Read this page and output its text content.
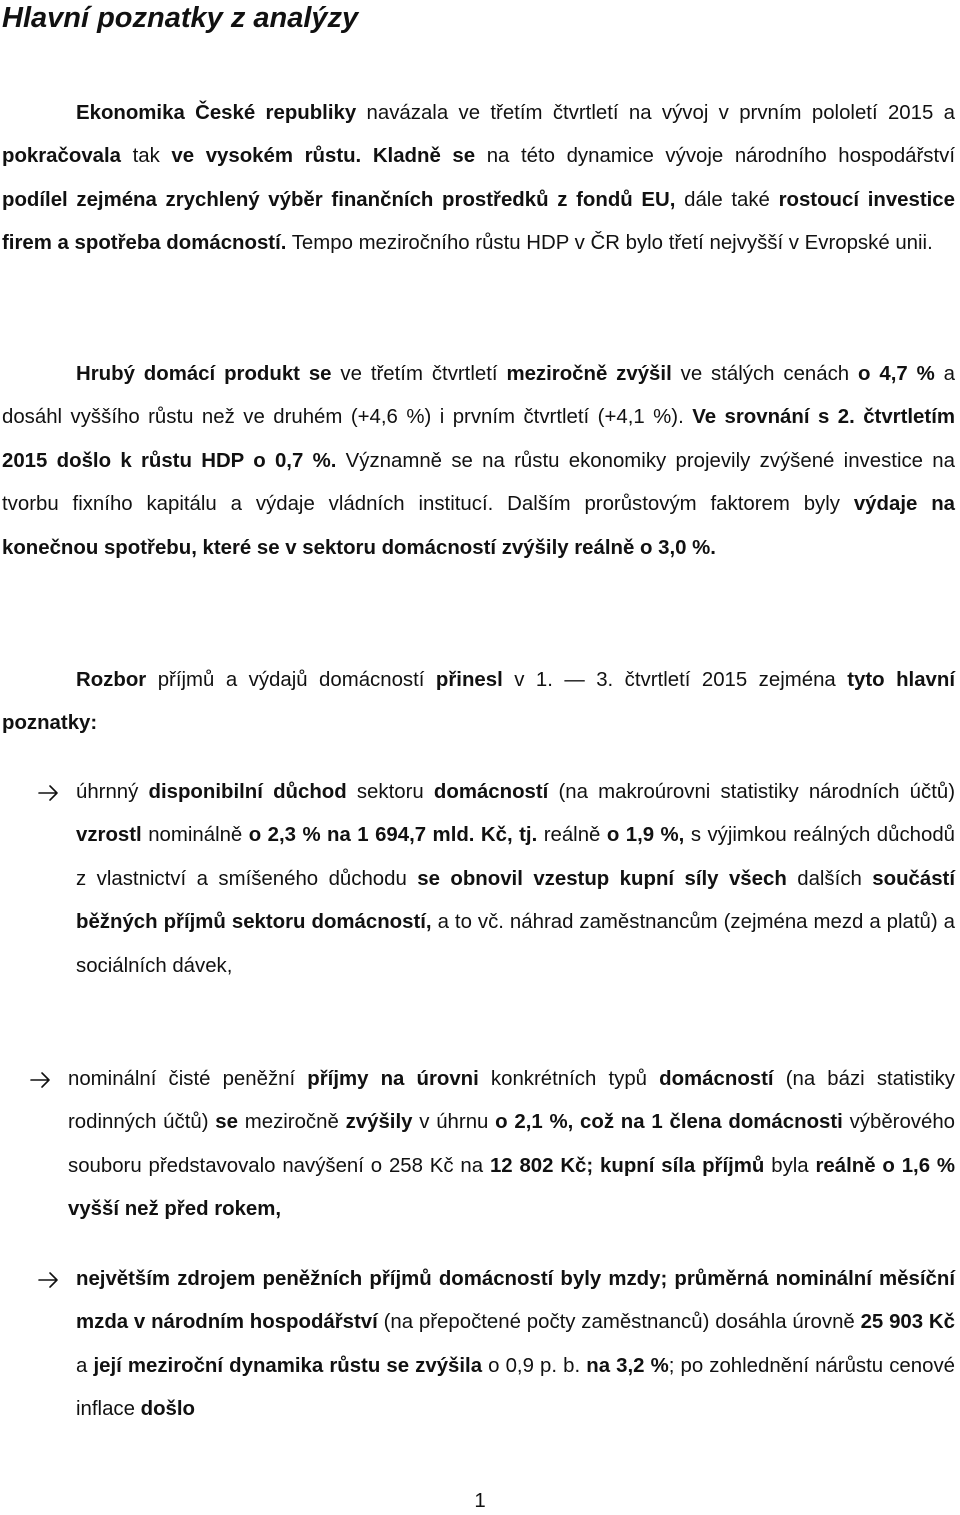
Hlavní poznatky z analýzy

Ekonomika České republiky navázala ve třetím čtvrtletí na vývoj v prvním pololetí 2015 a pokračovala tak ve vysokém růstu. Kladně se na této dynamice vývoje národního hospodářství podílel zejména zrychlený výběr finančních prostředků z fondů EU, dále také rostoucí investice firem a spotřeba domácností. Tempo meziročního růstu HDP v ČR bylo třetí nejvyšší v Evropské unii.

Hrubý domácí produkt se ve třetím čtvrtletí meziročně zvýšil ve stálých cenách o 4,7 % a dosáhl vyššího růstu než ve druhém (+4,6 %) i prvním čtvrtletí (+4,1 %). Ve srovnání s 2. čtvrtletím 2015 došlo k růstu HDP o 0,7 %. Významně se na růstu ekonomiky projevily zvýšené investice na tvorbu fixního kapitálu a výdaje vládních institucí. Dalším prorůstovým faktorem byly výdaje na konečnou spotřebu, které se v sektoru domácností zvýšily reálně o 3,0 %.

Rozbor příjmů a výdajů domácností přinesl v 1. — 3. čtvrtletí 2015 zejména tyto hlavní poznatky:

úhrnný disponibilní důchod sektoru domácností (na makroúrovni statistiky národních účtů) vzrostl nominálně o 2,3 % na 1 694,7 mld. Kč, tj. reálně o 1,9 %, s výjimkou reálných důchodů z vlastnictví a smíšeného důchodu se obnovil vzestup kupní síly všech dalších součástí běžných příjmů sektoru domácností, a to vč. náhrad zaměstnancům (zejména mezd a platů) a sociálních dávek,

nominální čisté peněžní příjmy na úrovni konkrétních typů domácností (na bázi statistiky rodinných účtů) se meziročně zvýšily v úhrnu o 2,1 %, což na 1 člena domácnosti výběrového souboru představovalo navýšení o 258 Kč na 12 802 Kč; kupní síla příjmů byla reálně o 1,6 % vyšší než před rokem,

největším zdrojem peněžních příjmů domácností byly mzdy; průměrná nominální měsíční mzda v národním hospodářství (na přepočtené počty zaměstnanců) dosáhla úrovně 25 903 Kč a její meziroční dynamika růstu se zvýšila o 0,9 p. b. na 3,2 %; po zohlednění nárůstu cenové inflace došlo

1
